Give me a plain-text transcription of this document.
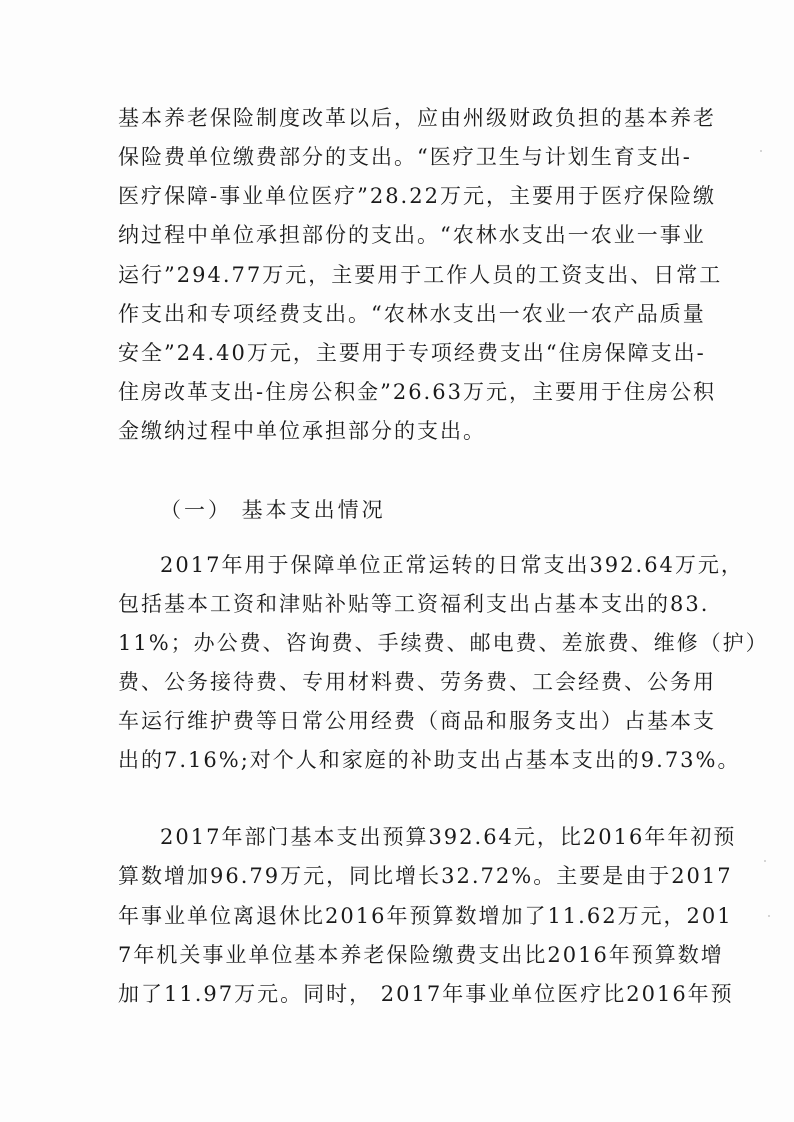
基本养老保险制度改革以后，应由州级财政负担的基本养老
保险费单位缴费部分的支出。“医疗卫生与计划生育支出-
医疗保障-事业单位医疗”28.22万元，主要用于医疗保险缴
纳过程中单位承担部份的支出。“农林水支出一农业一事业
运行”294.77万元，主要用于工作人员的工资支出、日常工
作支出和专项经费支出。“农林水支出一农业一农产品质量
安全”24.40万元，主要用于专项经费支出“住房保障支出-
住房改革支出-住房公积金”26.63万元，主要用于住房公积
金缴纳过程中单位承担部分的支出。
（一） 基本支出情况
2017年用于保障单位正常运转的日常支出392.64万元，
包括基本工资和津贴补贴等工资福利支出占基本支出的83.
11%；办公费、咨询费、手续费、邮电费、差旅费、维修（护）
费、公务接待费、专用材料费、劳务费、工会经费、公务用
车运行维护费等日常公用经费（商品和服务支出）占基本支
出的7.16%;对个人和家庭的补助支出占基本支出的9.73%。
2017年部门基本支出预算392.64元，比2016年年初预
算数增加96.79万元，同比增长32.72%。主要是由于2017
年事业单位离退休比2016年预算数增加了11.62万元，201
7年机关事业单位基本养老保险缴费支出比2016年预算数增
加了11.97万元。同时， 2017年事业单位医疗比2016年预
